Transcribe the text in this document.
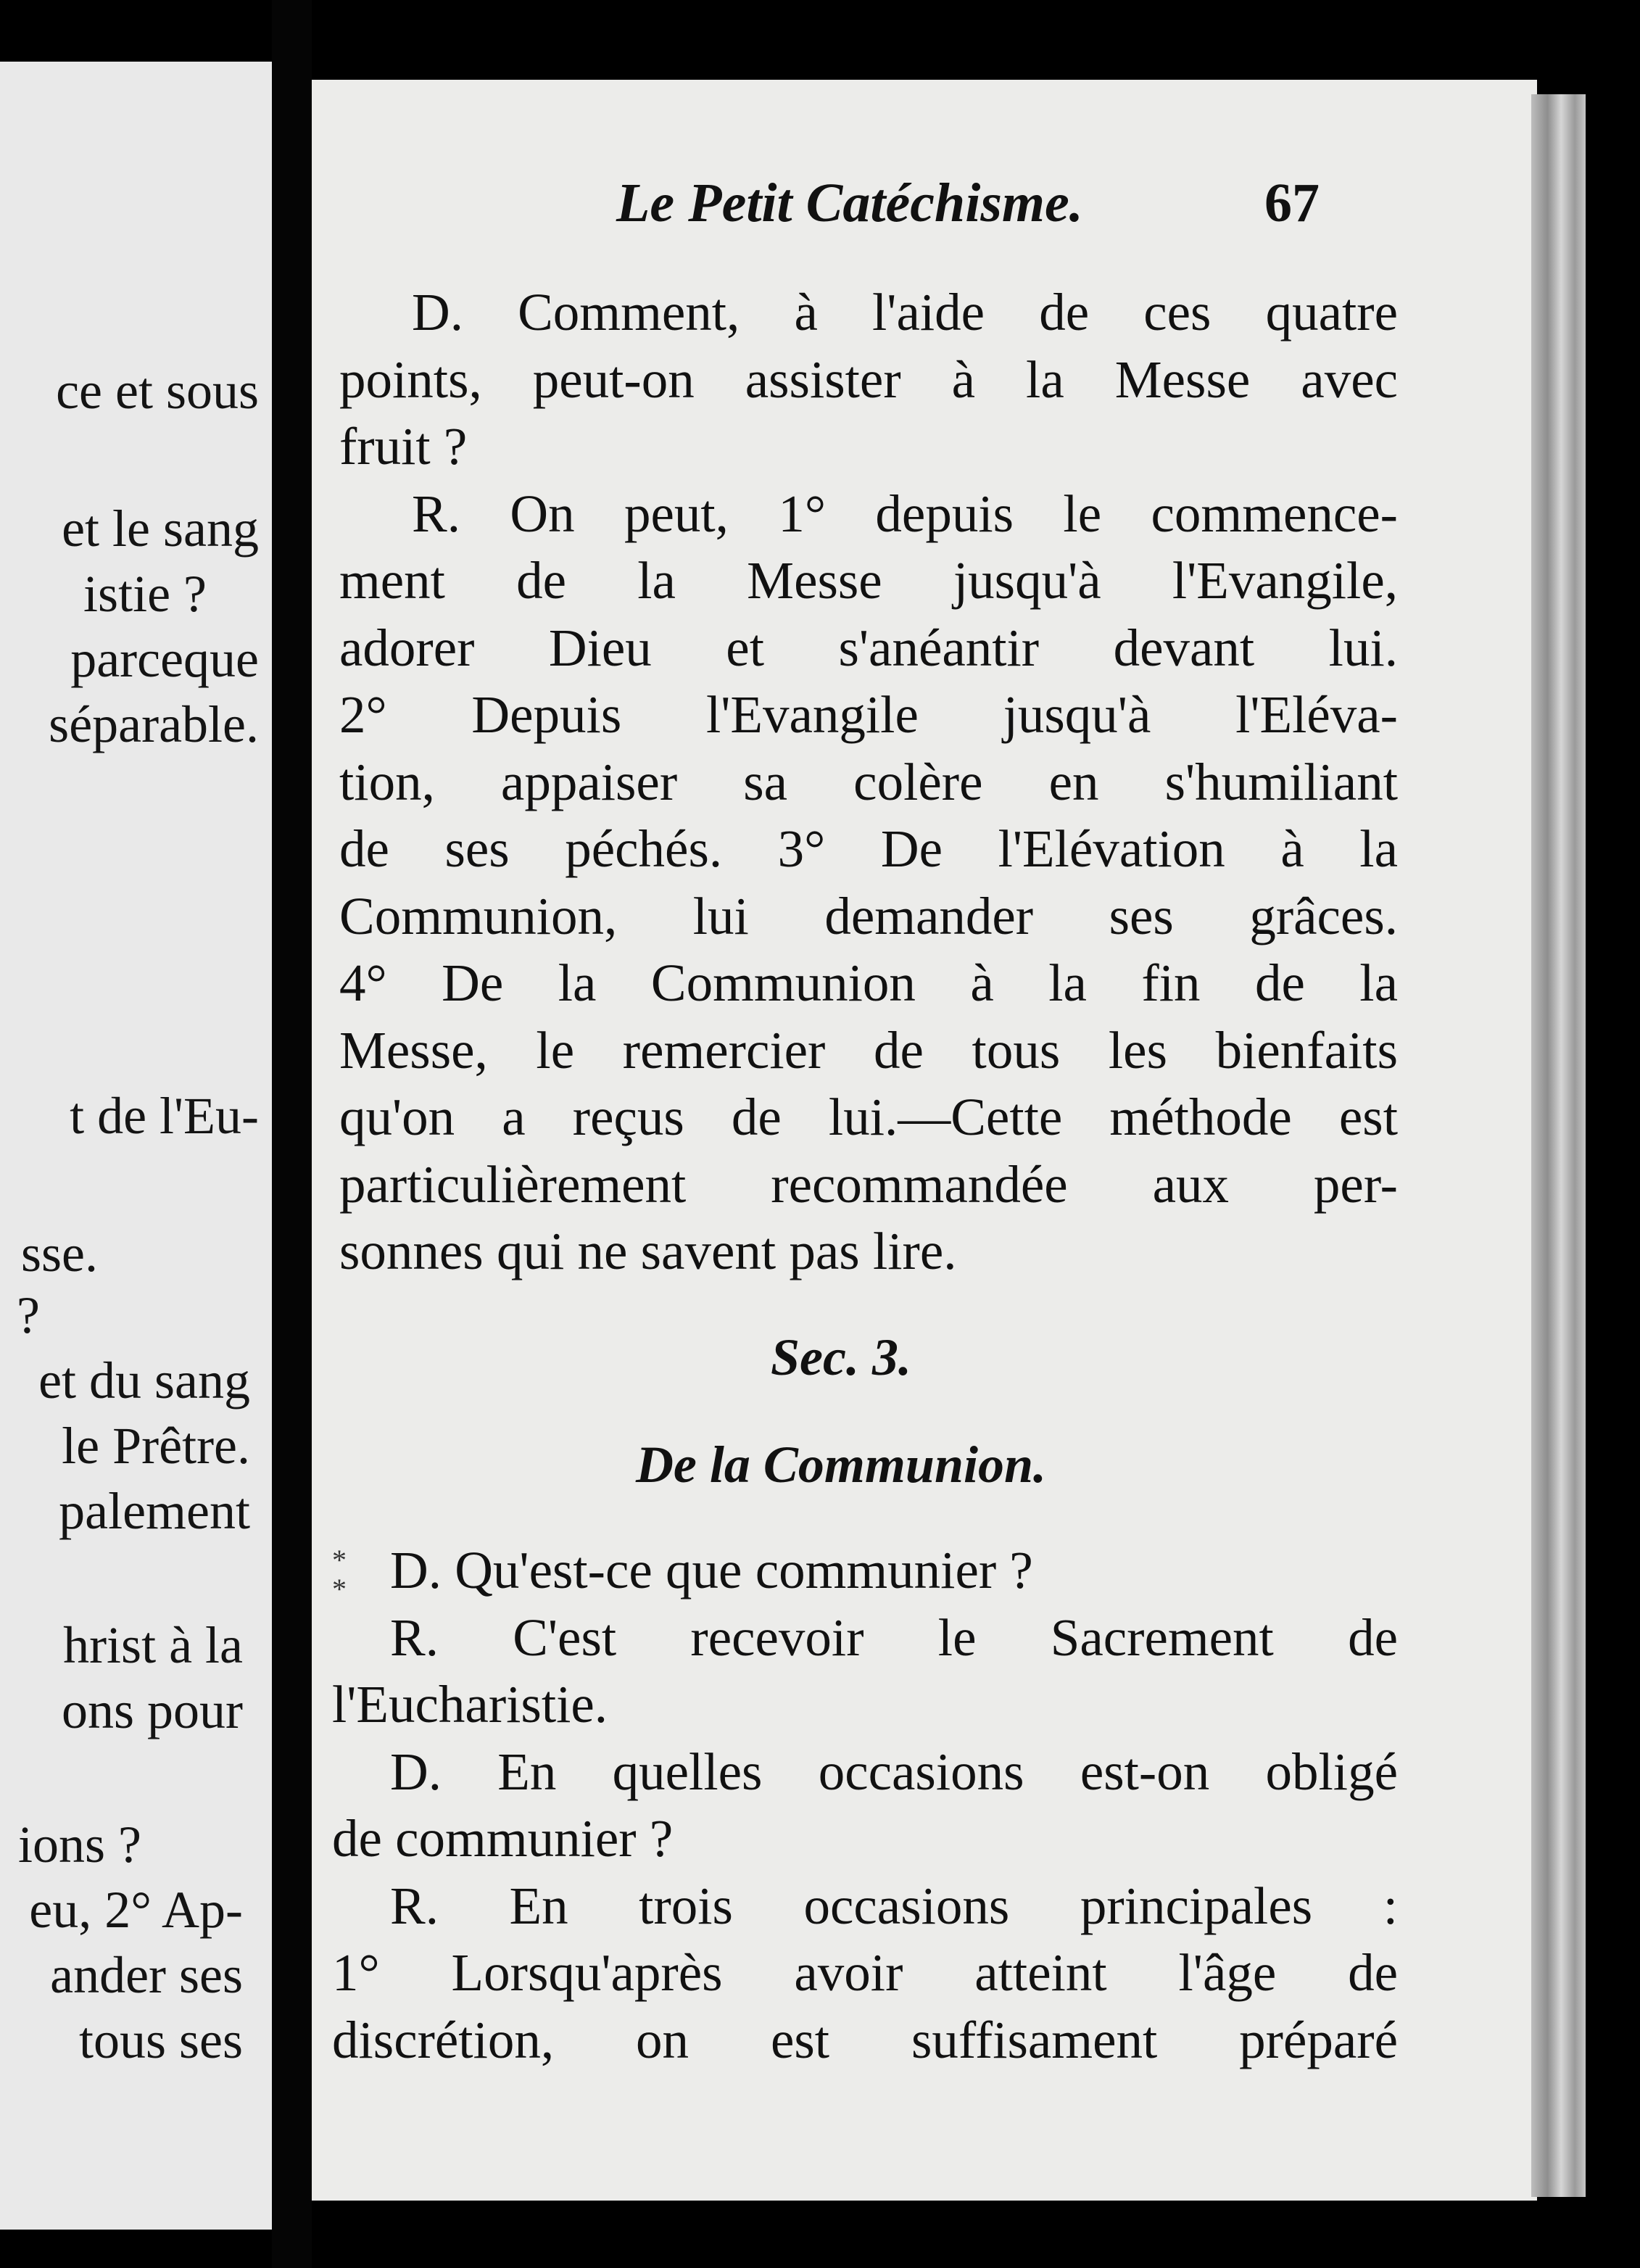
ce et sous
et le sang
istie ?
parceque
séparable.
t de l'Eu-
sse.
?
et du sang
le Prêtre.
palement
hrist à la
ons pour
ions ?
eu, 2° Ap-
ander ses
tous ses
Le Petit Catéchisme.	67
D. Comment, à l'aide de ces quatre
points, peut-on assister à la Messe avec
fruit ?
R. On peut, 1° depuis le commence-
ment de la Messe jusqu'à l'Evangile,
adorer Dieu et s'anéantir devant lui.
2° Depuis l'Evangile jusqu'à l'Eléva-
tion, appaiser sa colère en s'humiliant
de ses péchés. 3° De l'Elévation à la
Communion, lui demander ses grâces.
4° De la Communion à la fin de la
Messe, le remercier de tous les bienfaits
qu'on a reçus de lui.—Cette méthode est
particulièrement recommandée aux per-
sonnes qui ne savent pas lire.
Sec. 3.
De la Communion.
*
* D. Qu'est-ce que communier ?
R. C'est recevoir le Sacrement de
l'Eucharistie.
D. En quelles occasions est-on obligé
de communier ?
R. En trois occasions principales :
1° Lorsqu'après avoir atteint l'âge de
discrétion, on est suffisament préparé
